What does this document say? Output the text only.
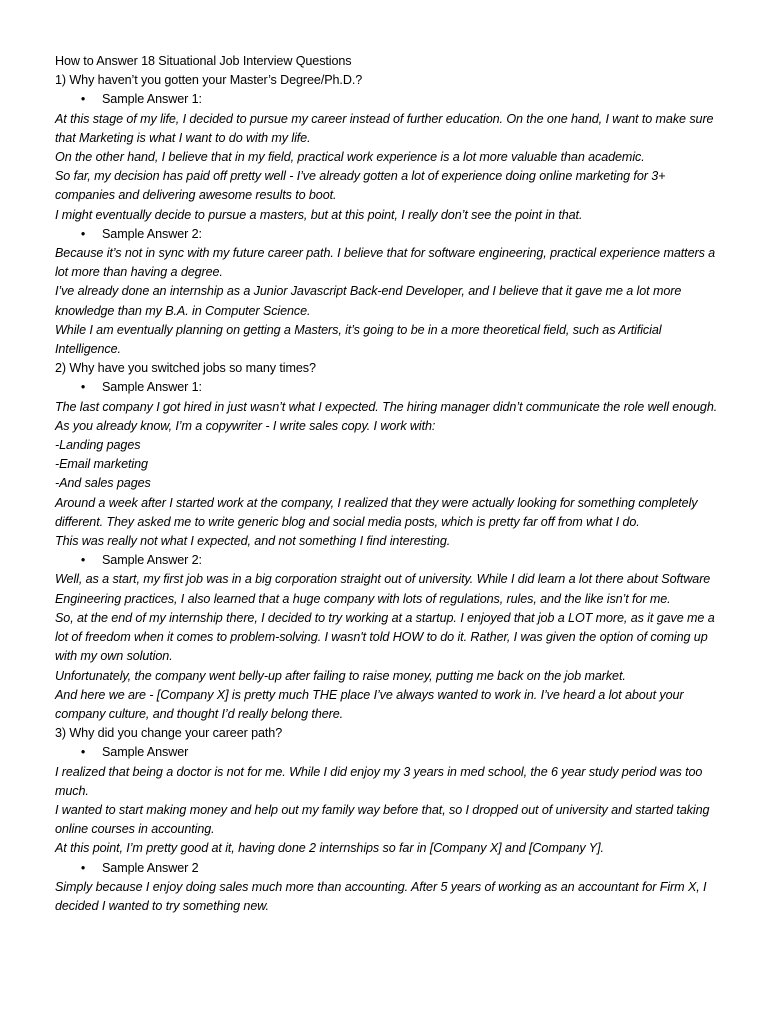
How to Answer 18 Situational Job Interview Questions

1) Why haven’t you gotten your Master’s Degree/Ph.D.?

• Sample Answer 1:

At this stage of my life, I decided to pursue my career instead of further education. On the one hand, I want to make sure that Marketing is what I want to do with my life.

On the other hand, I believe that in my field, practical work experience is a lot more valuable than academic.

So far, my decision has paid off pretty well - I’ve already gotten a lot of experience doing online marketing for 3+ companies and delivering awesome results to boot.

I might eventually decide to pursue a masters, but at this point, I really don’t see the point in that.

• Sample Answer 2:

Because it’s not in sync with my future career path. I believe that for software engineering, practical experience matters a lot more than having a degree.

I’ve already done an internship as a Junior Javascript Back-end Developer, and I believe that it gave me a lot more knowledge than my B.A. in Computer Science.

While I am eventually planning on getting a Masters, it’s going to be in a more theoretical field, such as Artificial Intelligence.

2) Why have you switched jobs so many times?

• Sample Answer 1:

The last company I got hired in just wasn’t what I expected. The hiring manager didn’t communicate the role well enough.

As you already know, I’m a copywriter - I write sales copy. I work with:

-Landing pages

-Email marketing

-And sales pages

Around a week after I started work at the company, I realized that they were actually looking for something completely different. They asked me to write generic blog and social media posts, which is pretty far off from what I do.

This was really not what I expected, and not something I find interesting.

• Sample Answer 2:

Well, as a start, my first job was in a big corporation straight out of university. While I did learn a lot there about Software Engineering practices, I also learned that a huge company with lots of regulations, rules, and the like isn’t for me.

So, at the end of my internship there, I decided to try working at a startup. I enjoyed that job a LOT more, as it gave me a lot of freedom when it comes to problem-solving. I wasn't told HOW to do it. Rather, I was given the option of coming up with my own solution.

Unfortunately, the company went belly-up after failing to raise money, putting me back on the job market.

And here we are - [Company X] is pretty much THE place I’ve always wanted to work in. I’ve heard a lot about your company culture, and thought I’d really belong there.

3) Why did you change your career path?

• Sample Answer

I realized that being a doctor is not for me. While I did enjoy my 3 years in med school, the 6 year study period was too much.

I wanted to start making money and help out my family way before that, so I dropped out of university and started taking online courses in accounting.

At this point, I’m pretty good at it, having done 2 internships so far in [Company X] and [Company Y].

• Sample Answer 2

Simply because I enjoy doing sales much more than accounting. After 5 years of working as an accountant for Firm X, I decided I wanted to try something new.
